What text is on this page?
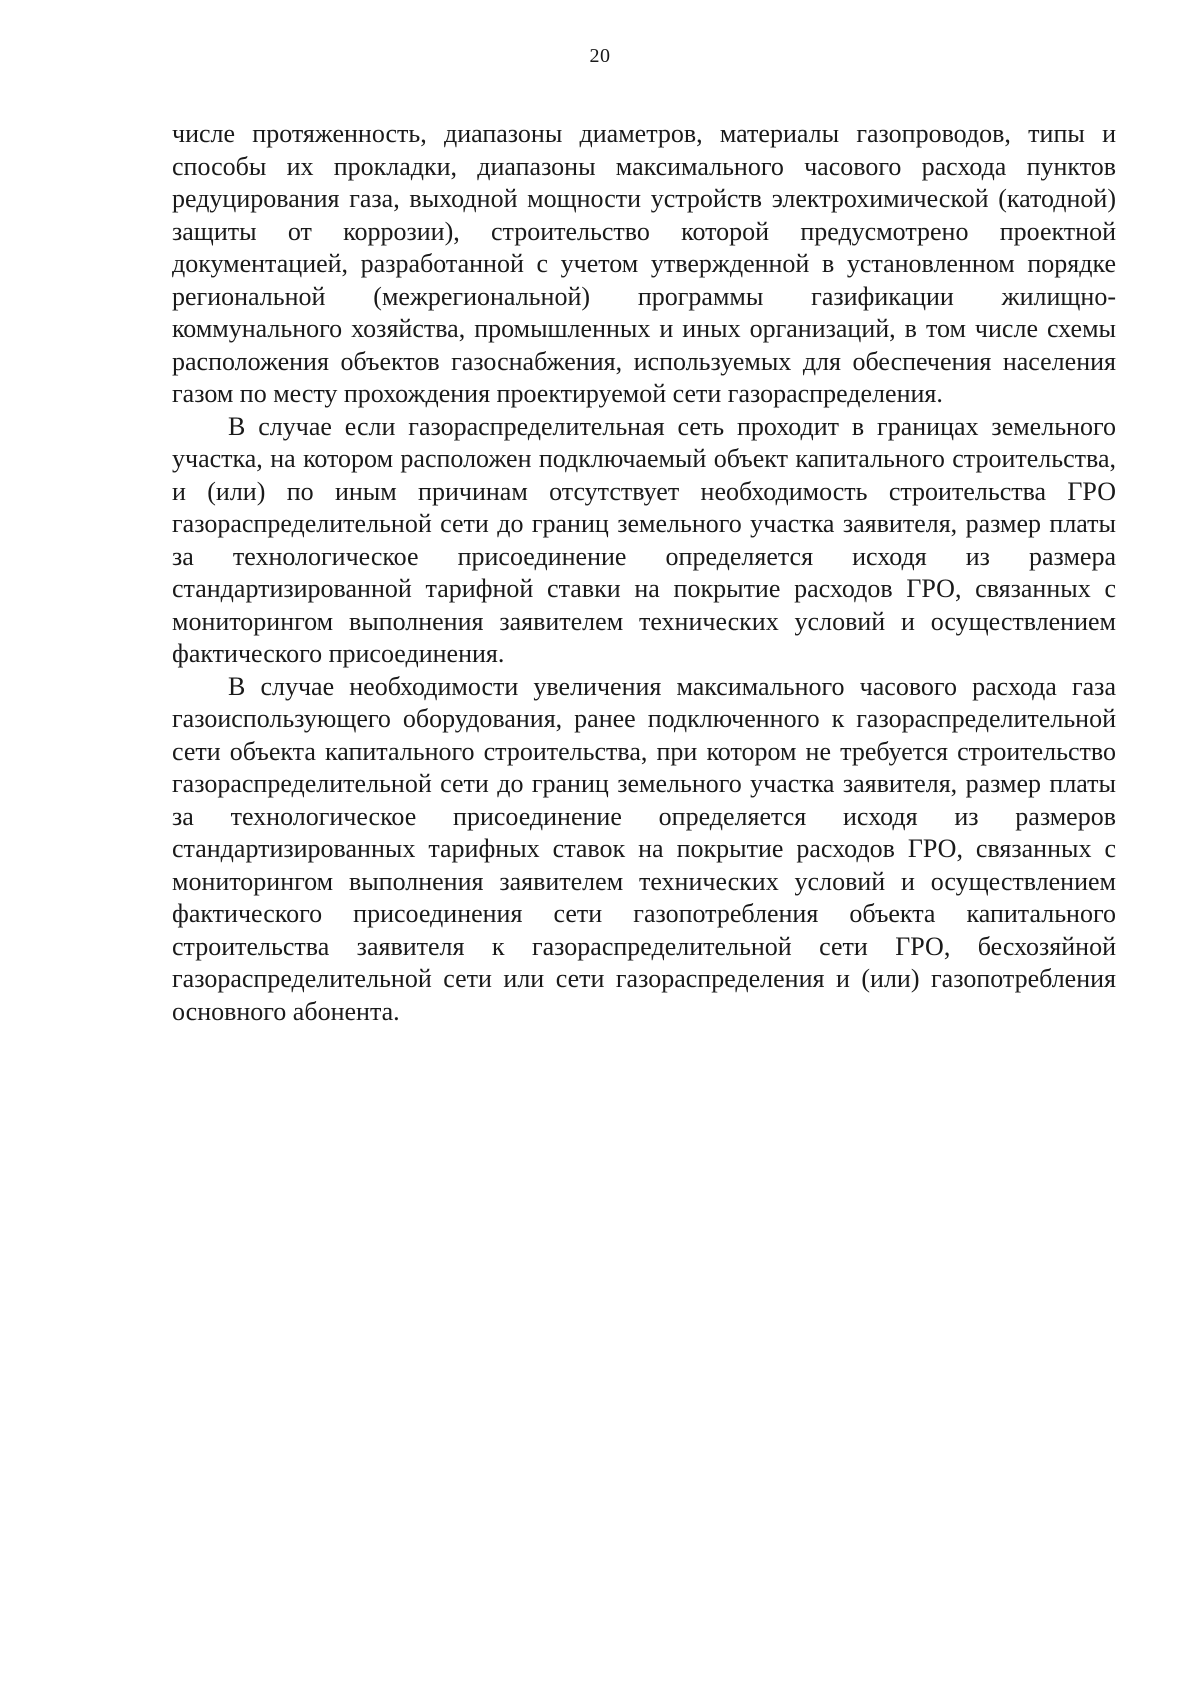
20

числе протяженность, диапазоны диаметров, материалы газопроводов, типы и способы их прокладки, диапазоны максимального часового расхода пунктов редуцирования газа, выходной мощности устройств электрохимической (катодной) защиты от коррозии), строительство которой предусмотрено проектной документацией, разработанной с учетом утвержденной в установленном порядке региональной (межрегиональной) программы газификации жилищно-коммунального хозяйства, промышленных и иных организаций, в том числе схемы расположения объектов газоснабжения, используемых для обеспечения населения газом по месту прохождения проектируемой сети газораспределения.

В случае если газораспределительная сеть проходит в границах земельного участка, на котором расположен подключаемый объект капитального строительства, и (или) по иным причинам отсутствует необходимость строительства ГРО газораспределительной сети до границ земельного участка заявителя, размер платы за технологическое присоединение определяется исходя из размера стандартизированной тарифной ставки на покрытие расходов ГРО, связанных с мониторингом выполнения заявителем технических условий и осуществлением фактического присоединения.

В случае необходимости увеличения максимального часового расхода газа газоиспользующего оборудования, ранее подключенного к газораспределительной сети объекта капитального строительства, при котором не требуется строительство газораспределительной сети до границ земельного участка заявителя, размер платы за технологическое присоединение определяется исходя из размеров стандартизированных тарифных ставок на покрытие расходов ГРО, связанных с мониторингом выполнения заявителем технических условий и осуществлением фактического присоединения сети газопотребления объекта капитального строительства заявителя к газораспределительной сети ГРО, бесхозяйной газораспределительной сети или сети газораспределения и (или) газопотребления основного абонента.
